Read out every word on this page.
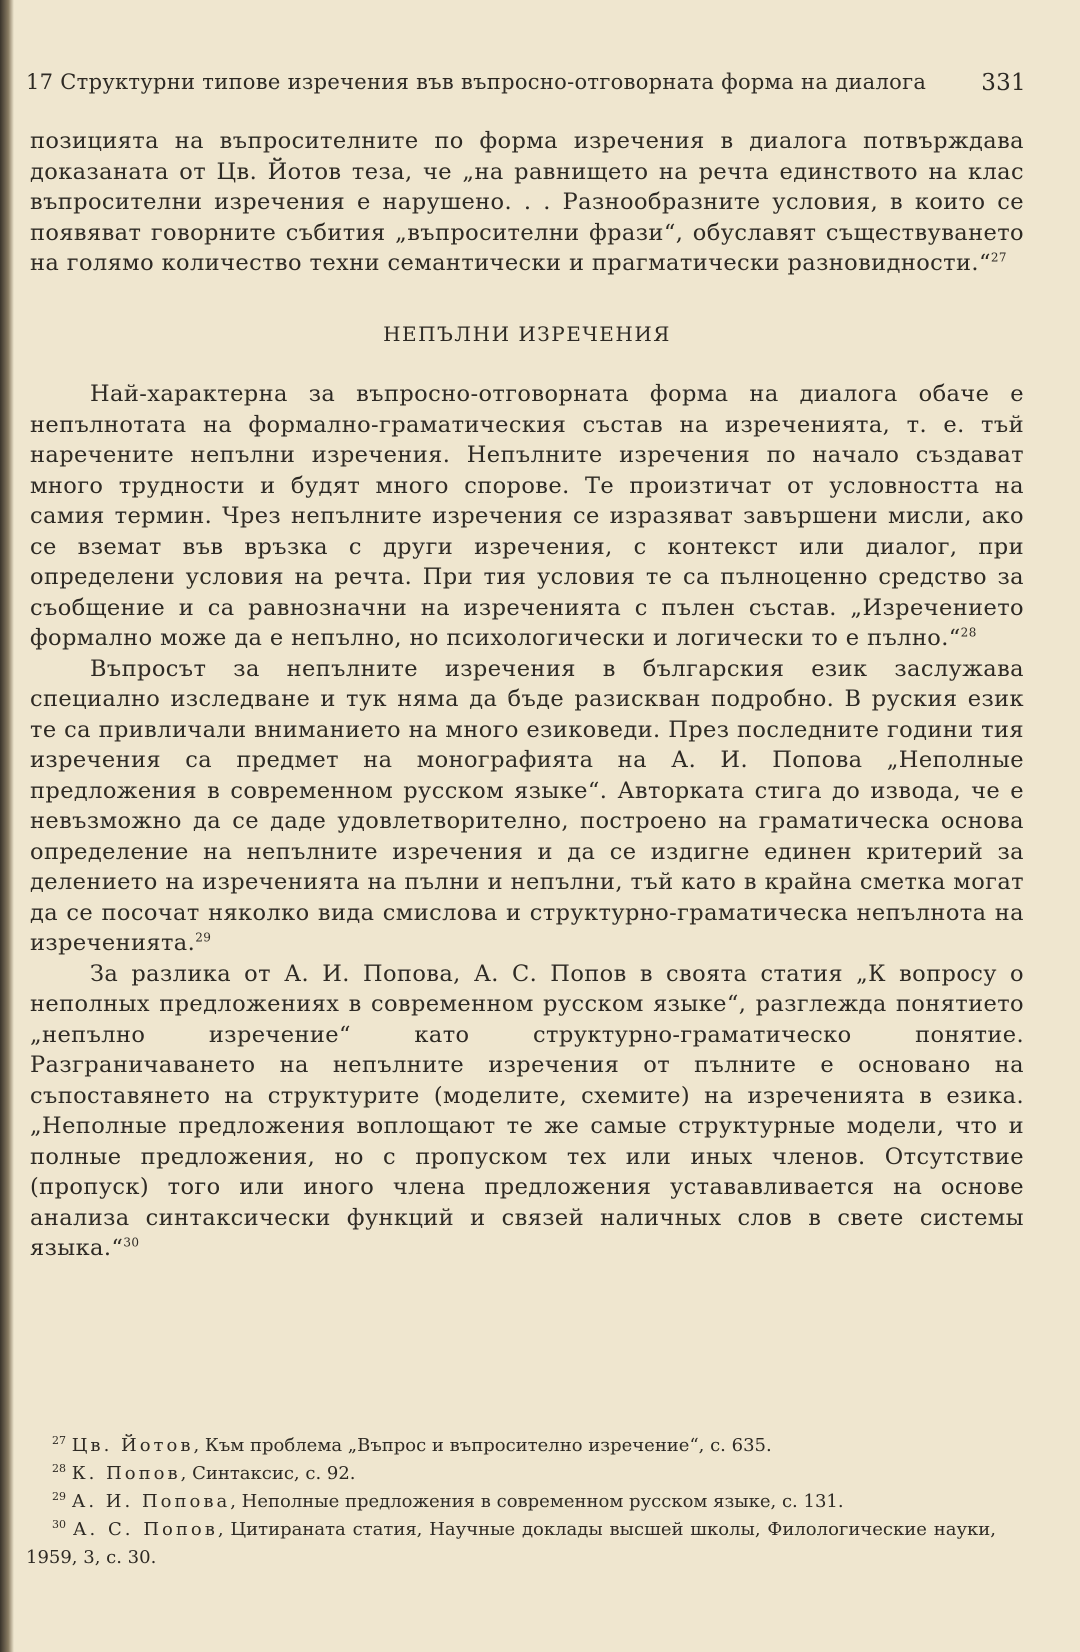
17 Структурни типове изречения във въпросно-отговорната форма на диалога 331

позицията на въпросителните по форма изречения в диалога потвърждава доказаната от Цв. Йотов теза, че „на равнището на речта единството на клас въпросителни изречения е нарушено. . . Разнообразните условия, в които се появяват говорните събития „въпросителни фрази“, обуславят съществуването на голямо количество техни семантически и прагматически разновидности.“$^{27}$

НЕПЪЛНИ ИЗРЕЧЕНИЯ

Най-характерна за въпросно-отговорната форма на диалога обаче е непълнотата на формално-граматическия състав на изреченията, т. е. тъй наречените непълни изречения. Непълните изречения по начало създават много трудности и будят много спорове. Те произтичат от условността на самия термин. Чрез непълните изречения се изразяват завършени мисли, ако се вземат във връзка с други изречения, с контекст или диалог, при определени условия на речта. При тия условия те са пълноценно средство за съобщение и са равнозначни на изреченията с пълен състав. „Изречението формално може да е непълно, но психологически и логически то е пълно.“$^{28}$

Въпросът за непълните изречения в българския език заслужава специално изследване и тук няма да бъде разискван подробно. В руския език те са привличали вниманието на много езиковеди. През последните години тия изречения са предмет на монографията на А. И. Попова „Неполные предложения в современном русском языке“. Авторката стига до извода, че е невъзможно да се даде удовлетворително, построено на граматическа основа определение на непълните изречения и да се издигне единен критерий за делението на изреченията на пълни и непълни, тъй като в крайна сметка могат да се посочат няколко вида смислова и структурно-граматическа непълнота на изреченията.$^{29}$

За разлика от А. И. Попова, А. С. Попов в своята статия „К вопросу о неполных предложениях в современном русском языке“, разглежда понятието „непълно изречение“ като структурно-граматическо понятие. Разграничаването на непълните изречения от пълните е основано на съпоставянето на структурите (моделите, схемите) на изреченията в езика. „Неполные предложения воплощают те же самые структурные модели, что и полные предложения, но с пропуском тех или иных членов. Отсутствие (пропуск) того или иного члена предложения устававливается на основе анализа синтаксически функций и связей наличных слов в свете системы языка.“$^{30}$

$^{27}$ Цв. Йотов, Към проблема „Въпрос и въпросително изречение“, с. 635.

$^{28}$ К. Попов, Синтаксис, с. 92.

$^{29}$ А. И. Попова, Неполные предложения в современном русском языке, с. 131.

$^{30}$ А. С. Попов, Цитираната статия, Научные доклады высшей школы, Филологические науки, 1959, 3, с. 30.
